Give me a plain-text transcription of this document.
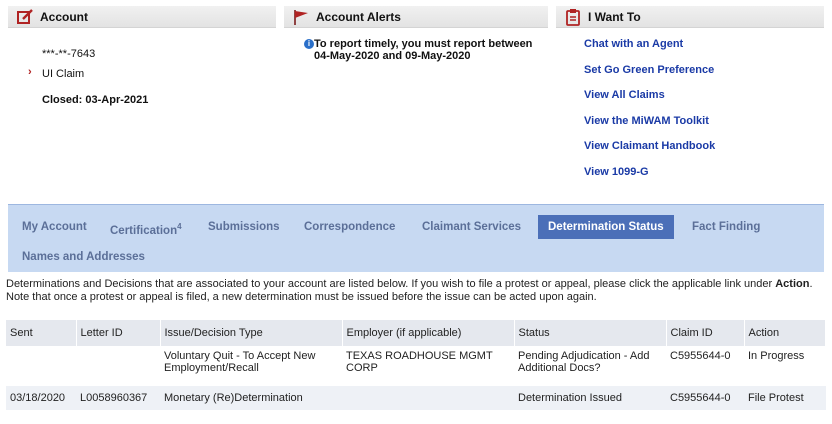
Account
***-**-7643
› UI Claim
Closed: 03-Apr-2021
Account Alerts
i To report timely, you must report between 04-May-2020 and 09-May-2020
I Want To
Chat with an Agent
Set Go Green Preference
View All Claims
View the MiWAM Toolkit
View Claimant Handbook
View 1099-G
My Account	Certification$^4$	Submissions	Correspondence	Claimant Services	Determination Status	Fact Finding
Names and Addresses
Determinations and Decisions that are associated to your account are listed below. If you wish to file a protest or appeal, please click the applicable link under Action. Note that once a protest or appeal is filed, a new determination must be issued before the issue can be acted upon again.
Sent	Letter ID	Issue/Decision Type	Employer (if applicable)	Status	Claim ID	Action
		Voluntary Quit - To Accept New Employment/Recall	TEXAS ROADHOUSE MGMT CORP	Pending Adjudication - Add Additional Docs?	C5955644-0	In Progress
03/18/2020	L0058960367	Monetary (Re)Determination		Determination Issued	C5955644-0	File Protest
